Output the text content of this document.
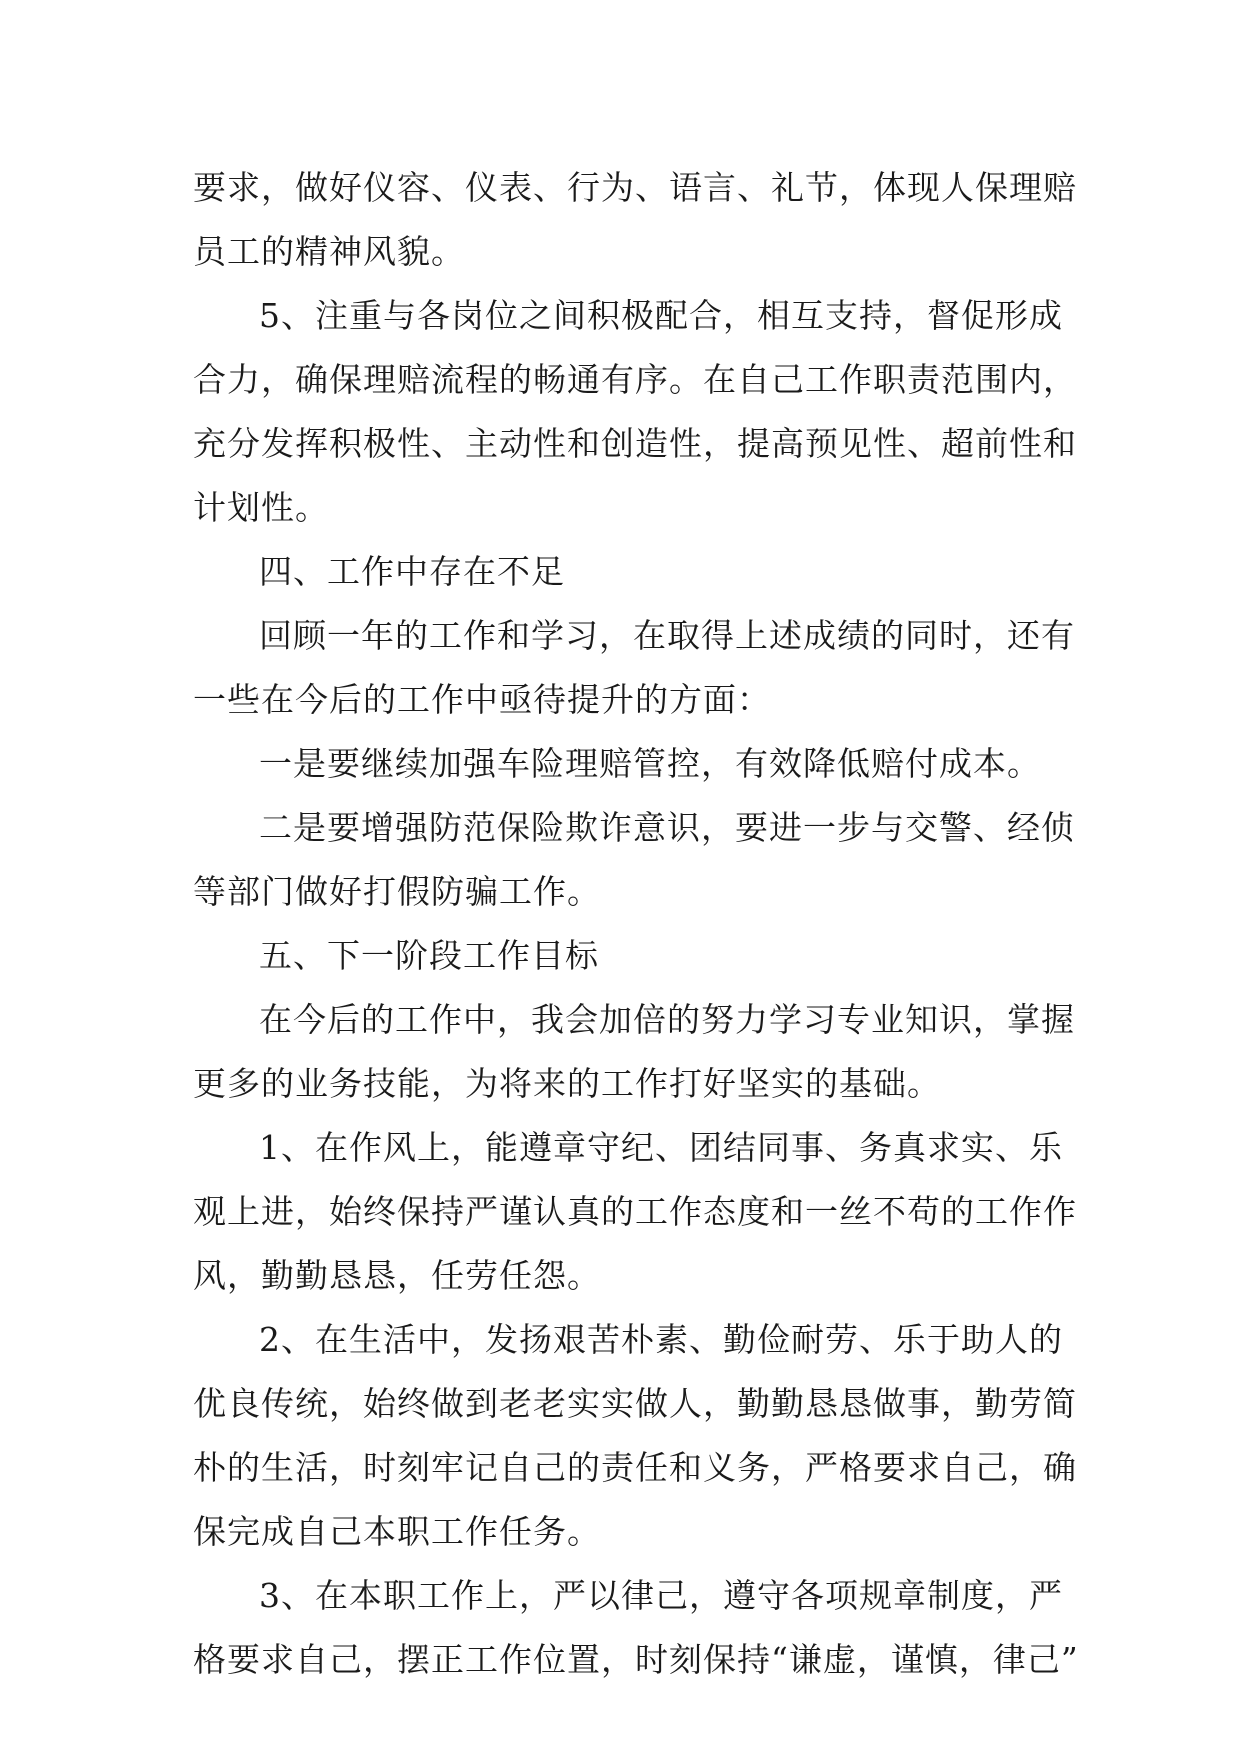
要求，做好仪容、仪表、行为、语言、礼节，体现人保理赔
员工的精神风貌。
5、注重与各岗位之间积极配合，相互支持，督促形成
合力，确保理赔流程的畅通有序。在自己工作职责范围内，
充分发挥积极性、主动性和创造性，提高预见性、超前性和
计划性。
四、工作中存在不足
回顾一年的工作和学习，在取得上述成绩的同时，还有
一些在今后的工作中亟待提升的方面：
一是要继续加强车险理赔管控，有效降低赔付成本。
二是要增强防范保险欺诈意识，要进一步与交警、经侦
等部门做好打假防骗工作。
五、下一阶段工作目标
在今后的工作中，我会加倍的努力学习专业知识，掌握
更多的业务技能，为将来的工作打好坚实的基础。
1、在作风上，能遵章守纪、团结同事、务真求实、乐
观上进，始终保持严谨认真的工作态度和一丝不苟的工作作
风，勤勤恳恳，任劳任怨。
2、在生活中，发扬艰苦朴素、勤俭耐劳、乐于助人的
优良传统，始终做到老老实实做人，勤勤恳恳做事，勤劳简
朴的生活，时刻牢记自己的责任和义务，严格要求自己，确
保完成自己本职工作任务。
3、在本职工作上，严以律己，遵守各项规章制度，严
格要求自己，摆正工作位置，时刻保持“谦虚，谨慎，律己”
